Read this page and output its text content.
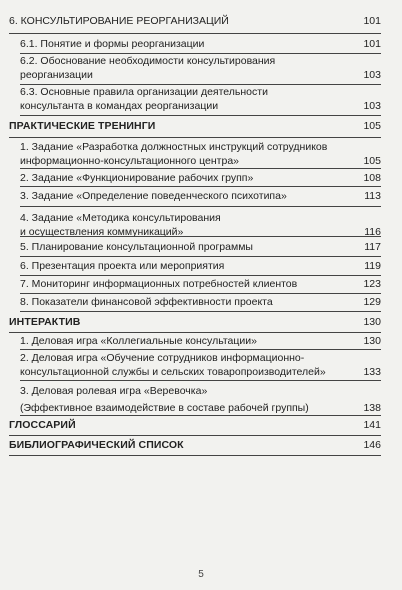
6. КОНСУЛЬТИРОВАНИЕ РЕОРГАНИЗАЦИЙ	101
6.1. Понятие и формы реорганизации	101
6.2. Обоснование необходимости консультирования
реорганизации	103
6.3. Основные правила организации деятельности
консультанта в командах реорганизации	103
ПРАКТИЧЕСКИЕ ТРЕНИНГИ	105
1. Задание «Разработка должностных инструкций сотрудников
информационно-консультационного центра»	105
2. Задание «Функционирование рабочих групп»	108
3. Задание «Определение поведенческого психотипа»	113
4. Задание «Методика консультирования
и осуществления коммуникаций»	116
5. Планирование консультационной программы	117
6. Презентация проекта или мероприятия	119
7. Мониторинг информационных потребностей клиентов	123
8. Показатели финансовой эффективности проекта	129
ИНТЕРАКТИВ	130
1. Деловая игра «Коллегиальные консультации»	130
2. Деловая игра «Обучение сотрудников информационно-
консультационной службы и сельских товаропроизводителей»	133
3. Деловая ролевая игра «Веревочка»
(Эффективное взаимодействие в составе рабочей группы)	138
ГЛОССАРИЙ	141
БИБЛИОГРАФИЧЕСКИЙ СПИСОК	146
5
